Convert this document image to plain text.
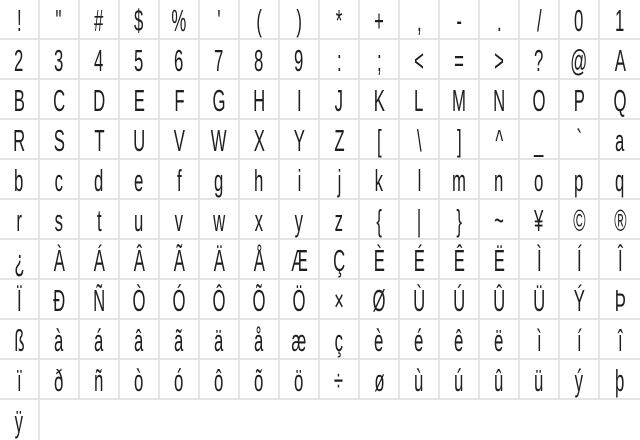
! " # $ % ' ( ) * + , - . / 0 1
2 3 4 5 6 7 8 9 : ; < = > ? @ A
B C D E F G H I J K L M N O P Q
R S T U V W X Y Z [ \ ] ^ _ ` a
b c d e f g h i j k l m n o p q
r s t u v w x y z { | } ~ ¥ © ®
¿ À Á Â Ã Ä Å Æ Ç È É Ê Ë Ì Í Î
Ï Ð Ñ Ò Ó Ô Õ Ö × Ø Ù Ú Û Ü Ý Þ
ß à á â ã ä å æ ç è é ê ë ì í î
ï ð ñ ò ó ô õ ö ÷ ø ù ú û ü ý þ
ÿ
